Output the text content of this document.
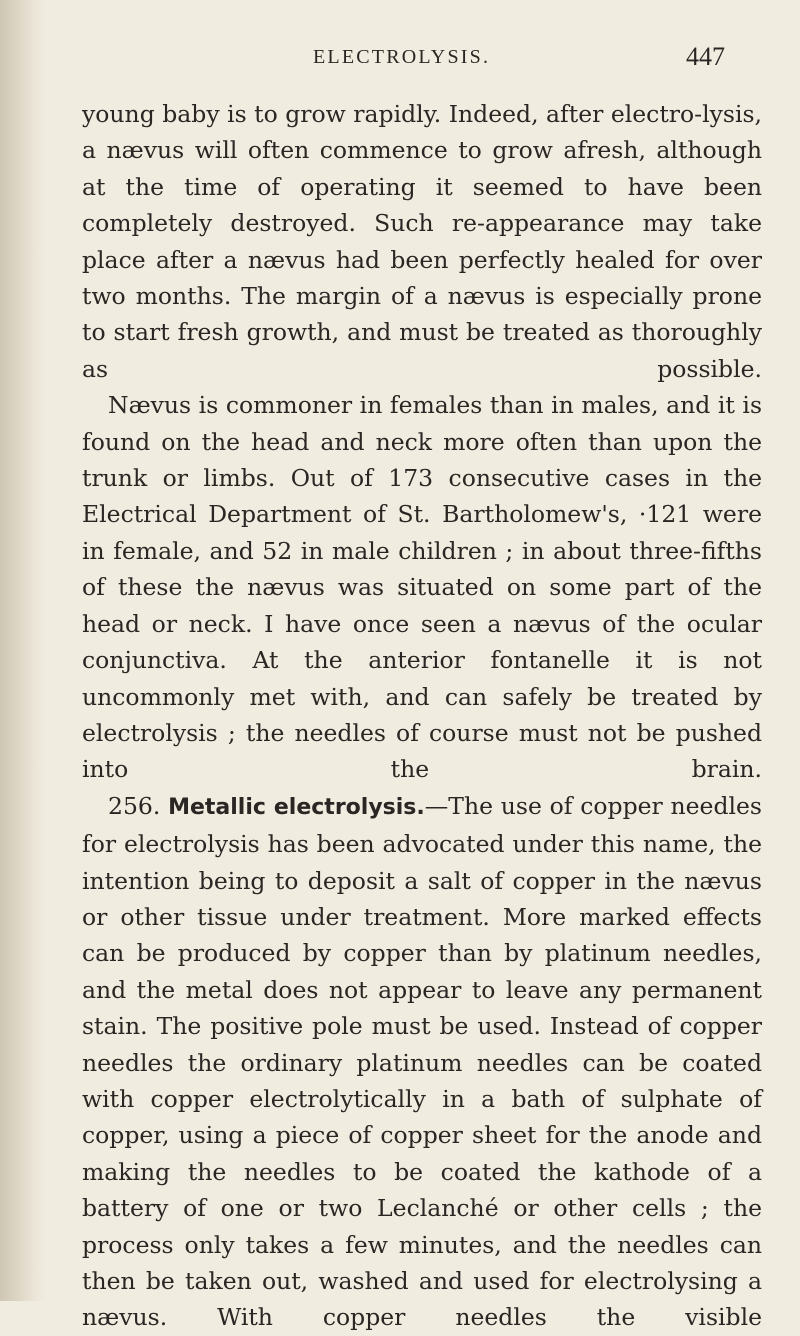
ELECTROLYSIS.	447

young baby is to grow rapidly. Indeed, after electro-lysis, a nævus will often commence to grow afresh, although at the time of operating it seemed to have been completely destroyed. Such re-appearance may take place after a nævus had been perfectly healed for over two months. The margin of a nævus is especially prone to start fresh growth, and must be treated as thoroughly as possible.

Nævus is commoner in females than in males, and it is found on the head and neck more often than upon the trunk or limbs. Out of 173 consecutive cases in the Electrical Department of St. Bartholomew's, ·121 were in female, and 52 in male children ; in about three-fifths of these the nævus was situated on some part of the head or neck. I have once seen a nævus of the ocular conjunctiva. At the anterior fontanelle it is not uncommonly met with, and can safely be treated by electrolysis ; the needles of course must not be pushed into the brain.

256. Metallic electrolysis.—The use of copper needles for electrolysis has been advocated under this name, the intention being to deposit a salt of copper in the nævus or other tissue under treatment. More marked effects can be produced by copper than by platinum needles, and the metal does not appear to leave any permanent stain. The positive pole must be used. Instead of copper needles the ordinary platinum needles can be coated with copper electrolytically in a bath of sulphate of copper, using a piece of copper sheet for the anode and making the needles to be coated the kathode of a battery of one or two Leclanché or other cells ; the process only takes a few minutes, and the needles can then be taken out, washed and used for electrolysing a nævus. With copper needles the visible
